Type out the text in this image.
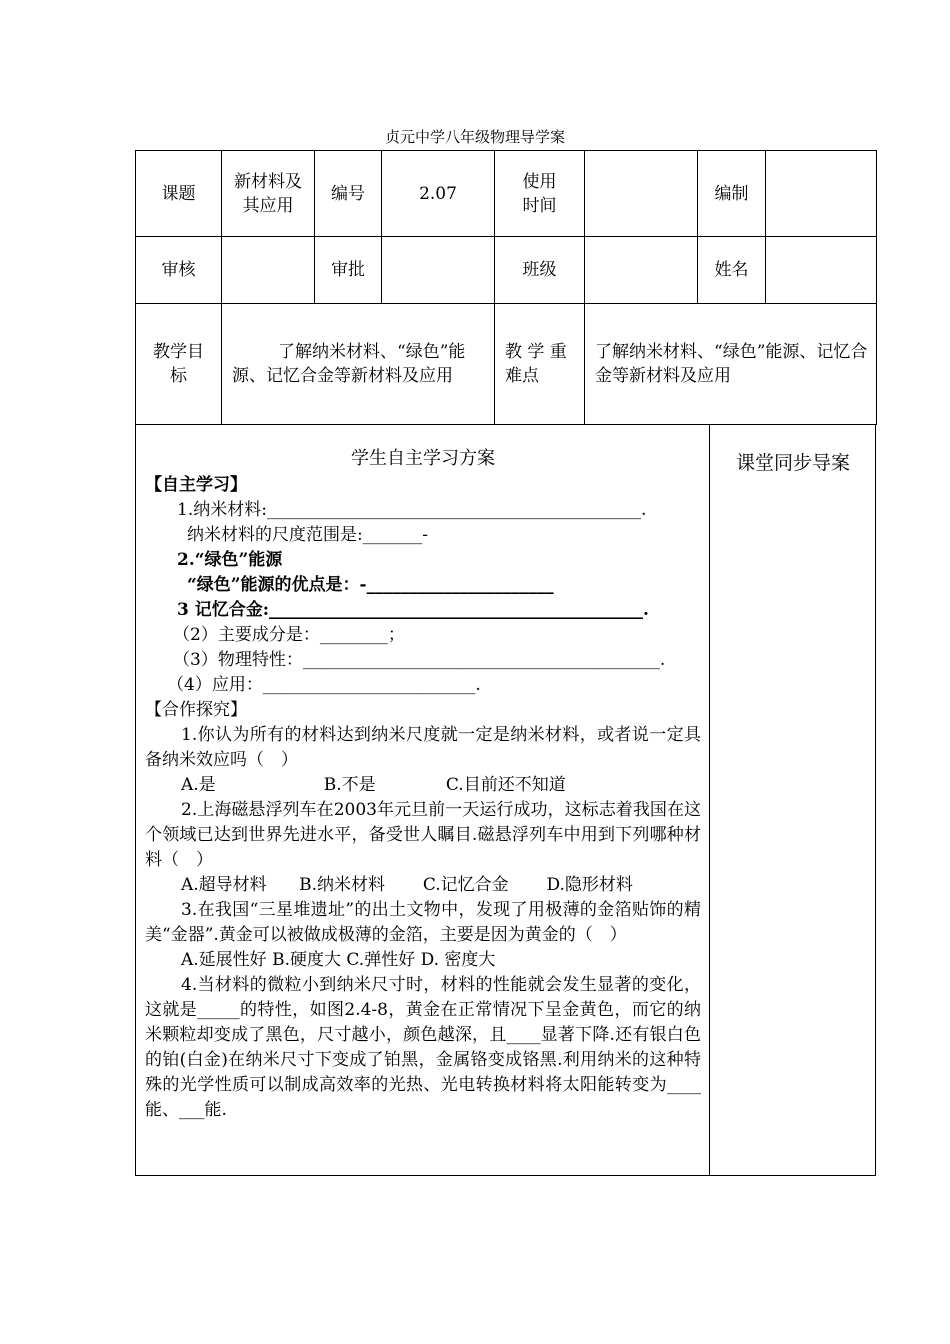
贞元中学八年级物理导学案
课题	新材料及其应用	编号	2.07	使用时间		编制	
审核		审批		班级		姓名	
教学目标	了解纳米材料、“绿色”能源、记忆合金等新材料及应用			教 学 重难点	了解纳米材料、“绿色”能源、记忆合金等新材料及应用		
课堂同步导案

学生自主学习方案

【自主学习】

1.纳米材料:____________________________________________.

纳米材料的尺度范围是:_______-

2.“绿色”能源

“绿色”能源的优点是：-______________________

3 记忆合金:____________________________________________.

（2）主要成分是：________；

（3）物理特性：__________________________________________.

（4）应用：_________________________.

【合作探究】

1.你认为所有的材料达到纳米尺度就一定是纳米材料，或者说一定具备纳米效应吗（　）

A.是                    B.不是             C.目前还不知道

2.上海磁悬浮列车在2003年元旦前一天运行成功，这标志着我国在这个领域已达到世界先进水平，备受世人瞩目.磁悬浮列车中用到下列哪种材料（　）

A.超导材料      B.纳米材料       C.记忆合金       D.隐形材料

3.在我国“三星堆遗址”的出土文物中，发现了用极薄的金箔贴饰的精美“金器”.黄金可以被做成极薄的金箔，主要是因为黄金的（　）

A.延展性好 B.硬度大 C.弹性好 D. 密度大

4.当材料的微粒小到纳米尺寸时，材料的性能就会发生显著的变化，这就是_____的特性，如图2.4-8，黄金在正常情况下呈金黄色，而它的纳米颗粒却变成了黑色，尺寸越小，颜色越深，且____显著下降.还有银白色的铂(白金)在纳米尺寸下变成了铂黑，金属铬变成铬黑.利用纳米的这种特殊的光学性质可以制成高效率的光热、光电转换材料将太阳能转变为____能、___能.
